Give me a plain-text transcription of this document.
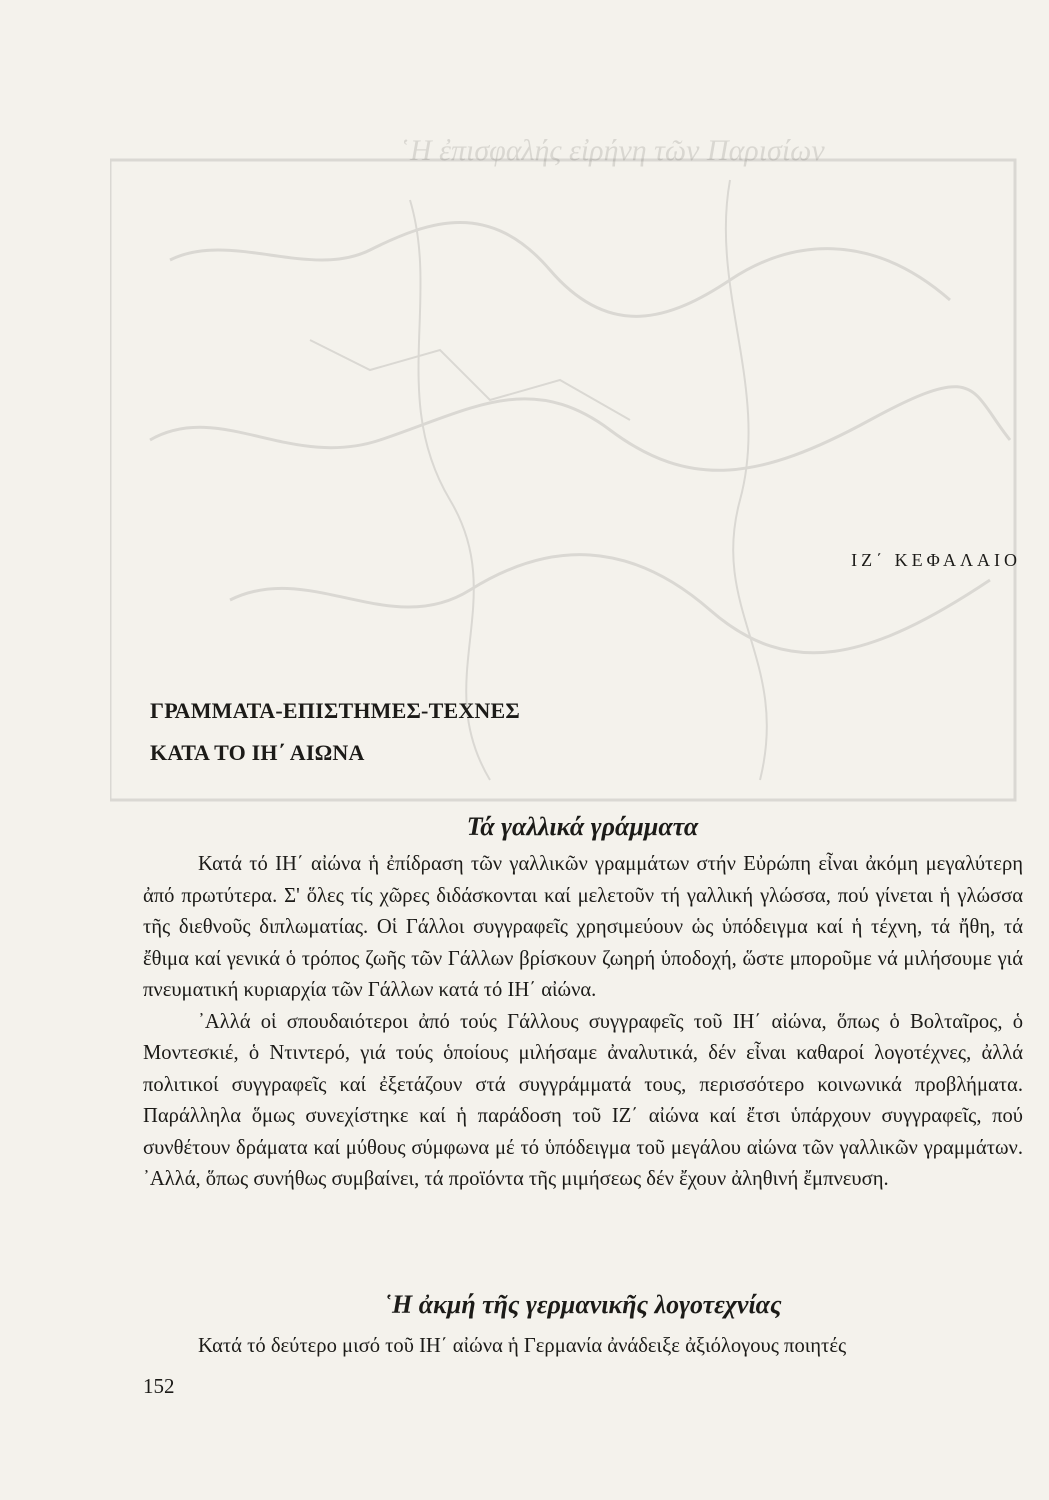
῾Η ἐπισφαλής εἰρήνη τῶν Παρισίων

ΙΖ΄ ΚΕΦΑΛΑΙΟ

ΓΡΑΜΜΑΤΑ-ΕΠΙΣΤΗΜΕΣ-ΤΕΧΝΕΣ
ΚΑΤΑ ΤΟ ΙΗ΄ ΑΙΩΝΑ
Τά γαλλικά γράμματα

Κατά τό ΙΗ΄ αἰώνα ἡ ἐπίδραση τῶν γαλλικῶν γραμμάτων στήν Εὐρώπη εἶναι ἀκόμη μεγαλύτερη ἀπό πρωτύτερα. Σ' ὅλες τίς χῶρες διδάσκονται καί μελετοῦν τή γαλλική γλώσσα, πού γίνεται ἡ γλώσσα τῆς διεθνοῦς διπλωματίας. Οἱ Γάλλοι συγγραφεῖς χρησιμεύουν ὡς ὑπόδειγμα καί ἡ τέχνη, τά ἤθη, τά ἔθιμα καί γενικά ὁ τρόπος ζωῆς τῶν Γάλλων βρίσκουν ζωηρή ὑποδοχή, ὥστε μποροῦμε νά μιλήσουμε γιά πνευματική κυριαρχία τῶν Γάλλων κατά τό ΙΗ΄ αἰώνα.

᾽Αλλά οἱ σπουδαιότεροι ἀπό τούς Γάλλους συγγραφεῖς τοῦ ΙΗ΄ αἰώνα, ὅπως ὁ Βολταῖρος, ὁ Μοντεσκιέ, ὁ Ντιντερό, γιά τούς ὁποίους μιλήσαμε ἀναλυτικά, δέν εἶναι καθαροί λογοτέχνες, ἀλλά πολιτικοί συγγραφεῖς καί ἐξετάζουν στά συγγράμματά τους, περισσότερο κοινωνικά προβλήματα. Παράλληλα ὅμως συνεχίστηκε καί ἡ παράδοση τοῦ ΙΖ΄ αἰώνα καί ἔτσι ὑπάρχουν συγγραφεῖς, πού συνθέτουν δράματα καί μύθους σύμφωνα μέ τό ὑπόδειγμα τοῦ μεγάλου αἰώνα τῶν γαλλικῶν γραμμάτων. ᾽Αλλά, ὅπως συνήθως συμβαίνει, τά προϊόντα τῆς μιμήσεως δέν ἔχουν ἀληθινή ἔμπνευση.

῾Η ἀκμή τῆς γερμανικῆς λογοτεχνίας

Κατά τό δεύτερο μισό τοῦ ΙΗ΄ αἰώνα ἡ Γερμανία ἀνάδειξε ἀξιόλογους ποιητές

152
